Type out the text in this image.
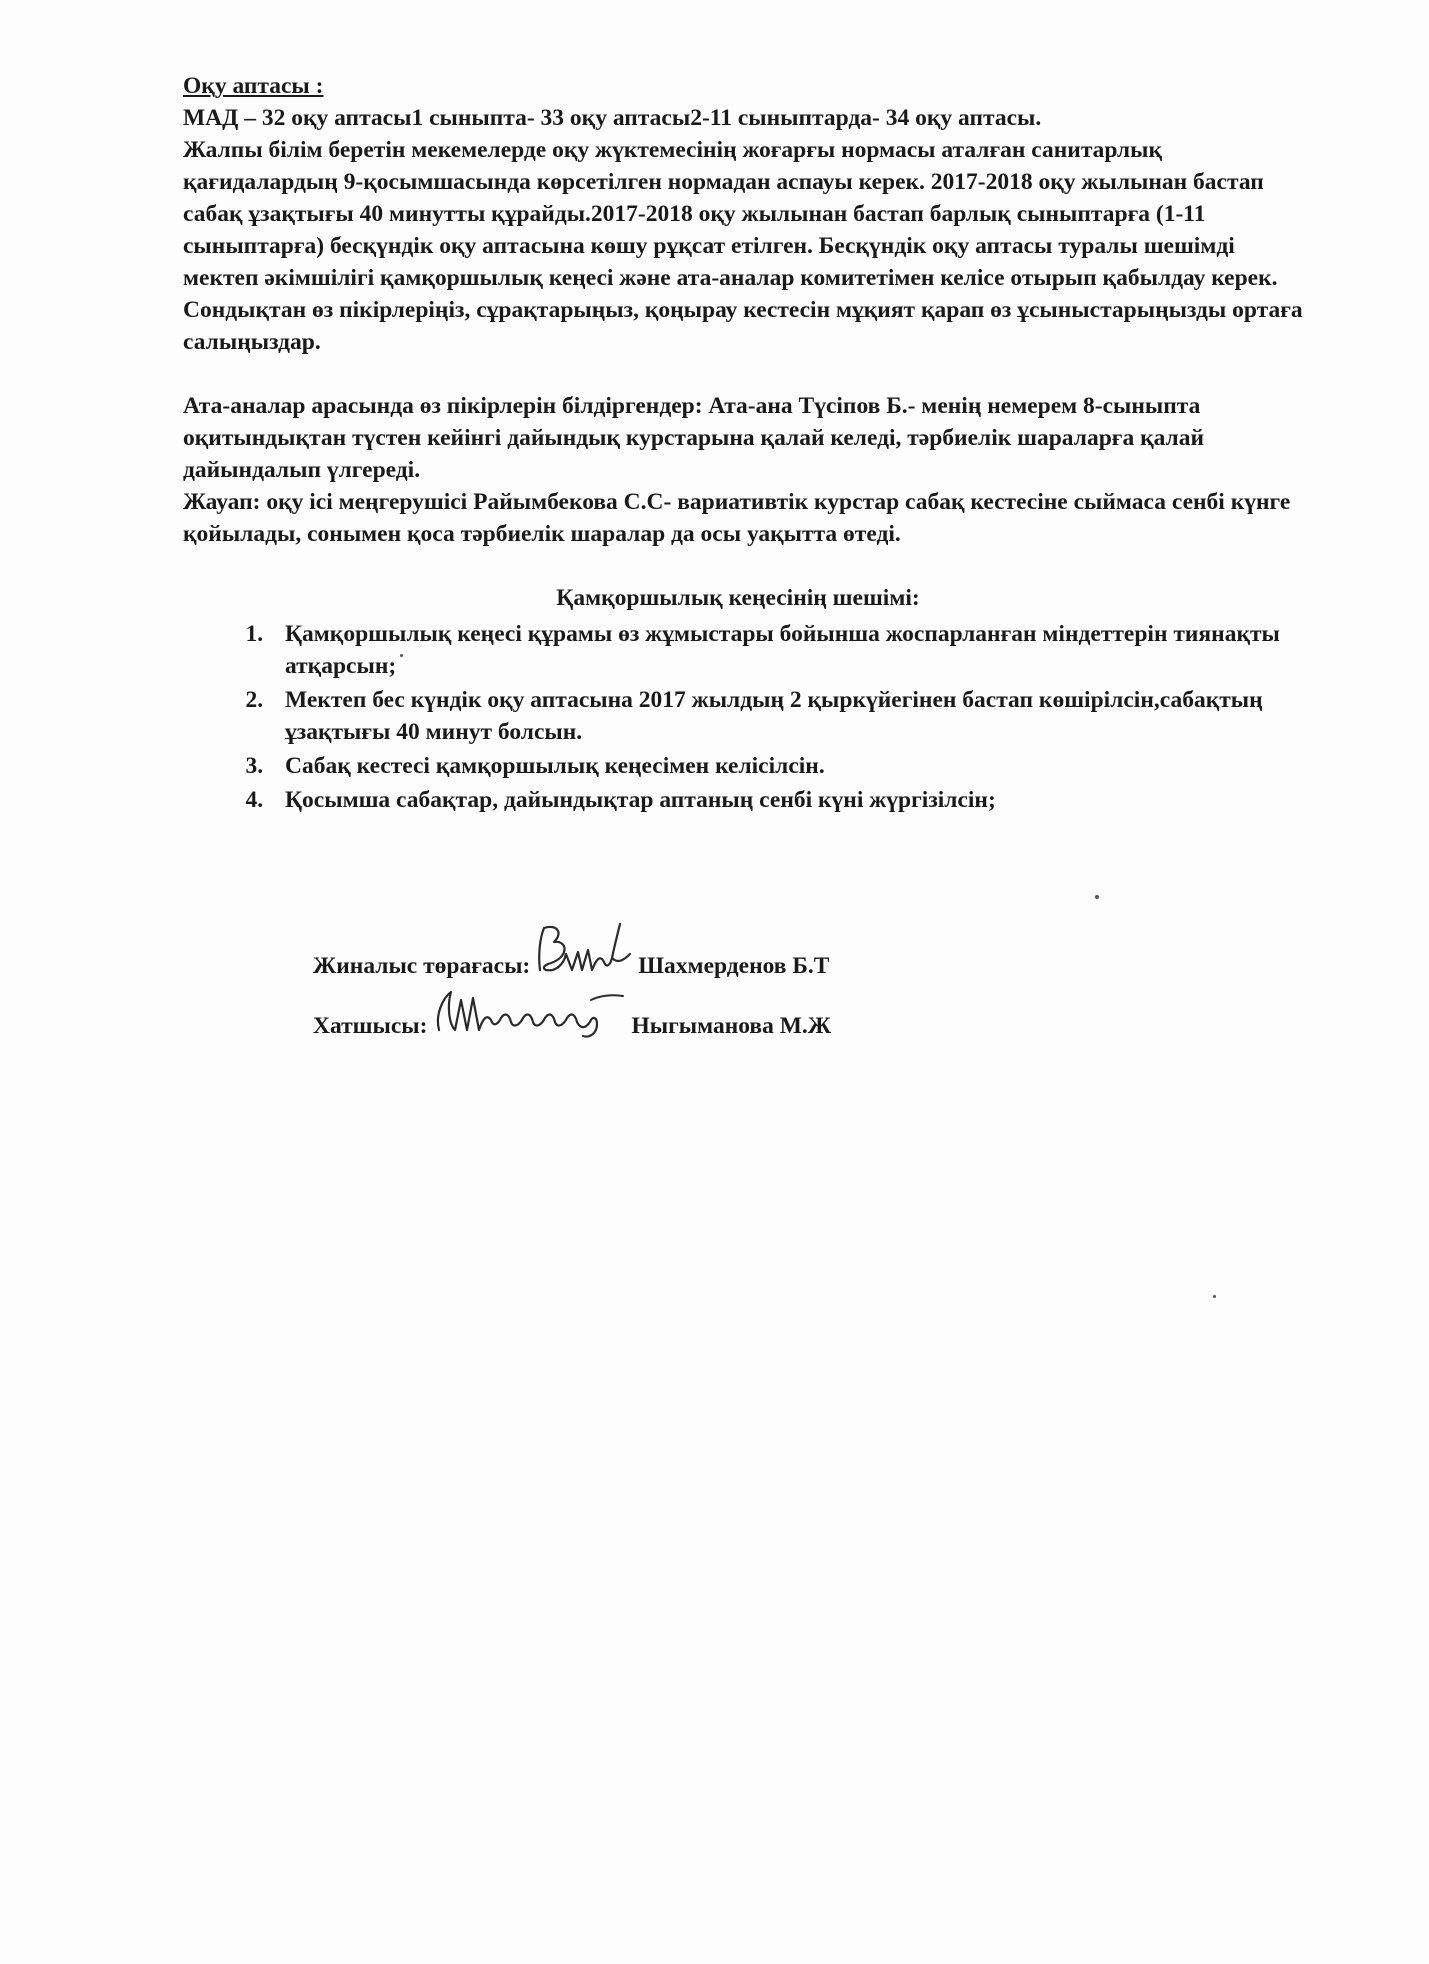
Оқу аптасы :

МАД – 32 оқу аптасы1 сыныпта- 33 оқу аптасы2-11 сыныптарда- 34 оқу аптасы.

Жалпы білім беретін мекемелерде оқу жүктемесінің жоғарғы нормасы аталған санитарлық қағидалардың 9-қосымшасында көрсетілген нормадан аспауы керек. 2017-2018 оқу жылынан бастап сабақ ұзақтығы 40 минутты құрайды.2017-2018 оқу жылынан бастап барлық сыныптарға (1-11 сыныптарға) бесқүндік оқу аптасына көшу рұқсат етілген. Бесқүндік оқу аптасы туралы шешімді мектеп әкімшілігі қамқоршылық кеңесі және ата-аналар комитетімен келісе отырып қабылдау керек. Сондықтан өз пікірлеріңіз, сұрақтарыңыз, қоңырау кестесін мұқият қарап өз ұсыныстарыңызды ортаға салыңыздар.

Ата-аналар арасында өз пікірлерін білдіргендер: Ата-ана Түсіпов Б.- менің немерем 8-сыныпта оқитындықтан түстен кейінгі дайындық курстарына қалай келеді, тәрбиелік шараларға қалай дайындалып үлгереді.

Жауап: оқу ісі меңгерушісі Райымбекова С.С- вариативтік курстар сабақ кестесіне сыймаса сенбі күнге қойылады, сонымен қоса тәрбиелік шаралар да осы уақытта өтеді.

Қамқоршылық кеңесінің шешімі:

1. Қамқоршылық кеңесі құрамы өз жұмыстары бойынша жоспарланған міндеттерін тиянақты атқарсын;
2. Мектеп бес күндік оқу аптасына 2017 жылдың 2 қыркүйегінен бастап көшірілсін,сабақтың ұзақтығы 40 минут болсын.
3. Сабақ кестесі қамқоршылық кеңесімен келісілсін.
4. Қосымша сабақтар, дайындықтар аптаның сенбі күні жүргізілсін;
Жиналыс төрағасы:	Шахмерденов Б.Т
Хатшысы:	Ныгыманова М.Ж
